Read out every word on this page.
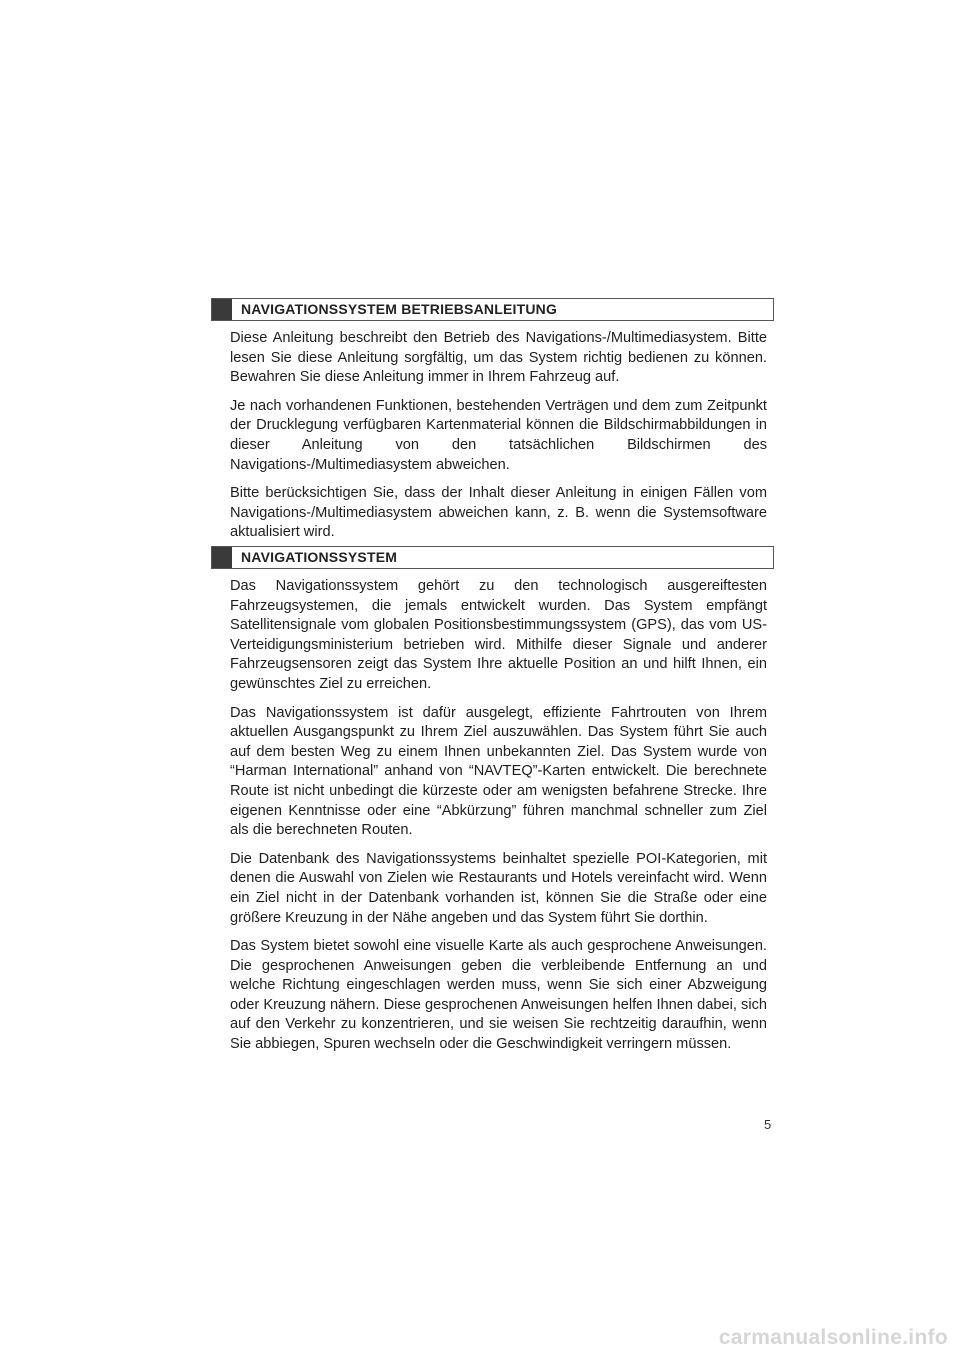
NAVIGATIONSSYSTEM BETRIEBSANLEITUNG

Diese Anleitung beschreibt den Betrieb des Navigations-/Multimediasystem. Bitte lesen Sie diese Anleitung sorgfältig, um das System richtig bedienen zu können. Bewahren Sie diese Anleitung immer in Ihrem Fahrzeug auf.

Je nach vorhandenen Funktionen, bestehenden Verträgen und dem zum Zeitpunkt der Drucklegung verfügbaren Kartenmaterial können die Bildschirmabbildungen in dieser Anleitung von den tatsächlichen Bildschirmen des Navigations-/Multimediasystem abweichen.

Bitte berücksichtigen Sie, dass der Inhalt dieser Anleitung in einigen Fällen vom Navigations-/Multimediasystem abweichen kann, z. B. wenn die Systemsoftware aktualisiert wird.

NAVIGATIONSSYSTEM

Das Navigationssystem gehört zu den technologisch ausgereiftesten Fahrzeugsystemen, die jemals entwickelt wurden. Das System empfängt Satellitensignale vom globalen Positionsbestimmungssystem (GPS), das vom US-Verteidigungsministerium betrieben wird. Mithilfe dieser Signale und anderer Fahrzeugsensoren zeigt das System Ihre aktuelle Position an und hilft Ihnen, ein gewünschtes Ziel zu erreichen.

Das Navigationssystem ist dafür ausgelegt, effiziente Fahrtrouten von Ihrem aktuellen Ausgangspunkt zu Ihrem Ziel auszuwählen. Das System führt Sie auch auf dem besten Weg zu einem Ihnen unbekannten Ziel. Das System wurde von “Harman International” anhand von “NAVTEQ”-Karten entwickelt. Die berechnete Route ist nicht unbedingt die kürzeste oder am wenigsten befahrene Strecke. Ihre eigenen Kenntnisse oder eine “Abkürzung” führen manchmal schneller zum Ziel als die berechneten Routen.

Die Datenbank des Navigationssystems beinhaltet spezielle POI-Kategorien, mit denen die Auswahl von Zielen wie Restaurants und Hotels vereinfacht wird. Wenn ein Ziel nicht in der Datenbank vorhanden ist, können Sie die Straße oder eine größere Kreuzung in der Nähe angeben und das System führt Sie dorthin.

Das System bietet sowohl eine visuelle Karte als auch gesprochene Anweisungen. Die gesprochenen Anweisungen geben die verbleibende Entfernung an und welche Richtung eingeschlagen werden muss, wenn Sie sich einer Abzweigung oder Kreuzung nähern. Diese gesprochenen Anweisungen helfen Ihnen dabei, sich auf den Verkehr zu konzentrieren, und sie weisen Sie rechtzeitig daraufhin, wenn Sie abbiegen, Spuren wechseln oder die Geschwindigkeit verringern müssen.

5
carmanualsonline.info
